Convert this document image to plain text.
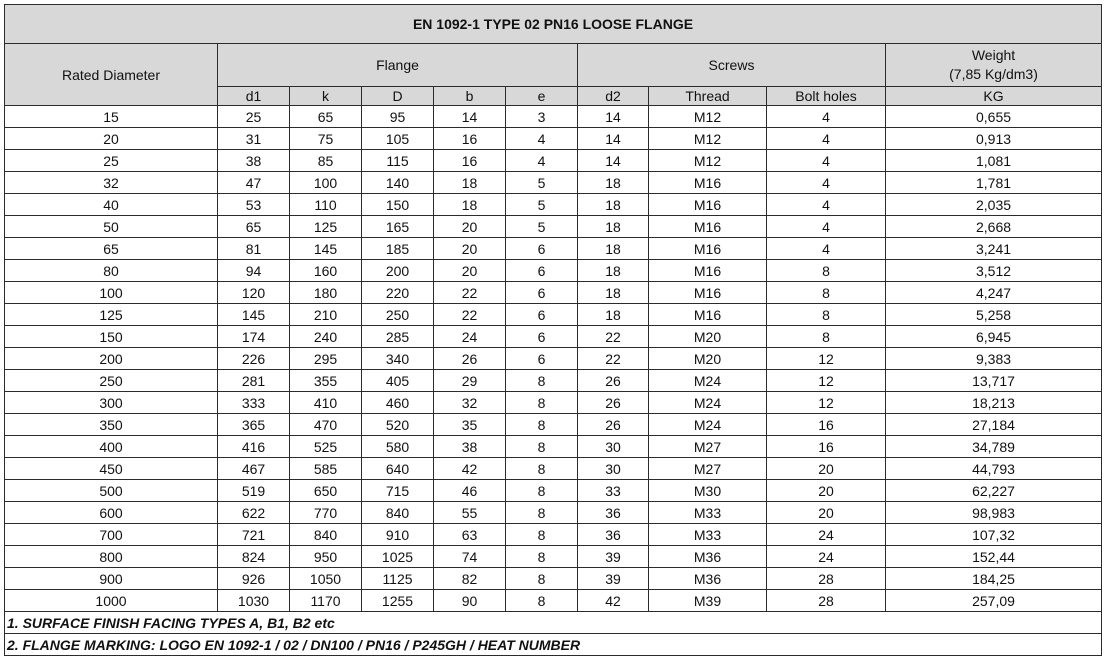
EN 1092-1 TYPE 02 PN16 LOOSE FLANGE									
Rated Diameter	Flange					Screws			Weight
(7,85 Kg/dm3)

	d1	k	D	b	e	d2	Thread	Bolt holes	KG
15	25	65	95	14	3	14	M12	4	0,655
20	31	75	105	16	4	14	M12	4	0,913
25	38	85	115	16	4	14	M12	4	1,081
32	47	100	140	18	5	18	M16	4	1,781
40	53	110	150	18	5	18	M16	4	2,035
50	65	125	165	20	5	18	M16	4	2,668
65	81	145	185	20	6	18	M16	4	3,241
80	94	160	200	20	6	18	M16	8	3,512
100	120	180	220	22	6	18	M16	8	4,247
125	145	210	250	22	6	18	M16	8	5,258
150	174	240	285	24	6	22	M20	8	6,945
200	226	295	340	26	6	22	M20	12	9,383
250	281	355	405	29	8	26	M24	12	13,717
300	333	410	460	32	8	26	M24	12	18,213
350	365	470	520	35	8	26	M24	16	27,184
400	416	525	580	38	8	30	M27	16	34,789
450	467	585	640	42	8	30	M27	20	44,793
500	519	650	715	46	8	33	M30	20	62,227
600	622	770	840	55	8	36	M33	20	98,983
700	721	840	910	63	8	36	M33	24	107,32
800	824	950	1025	74	8	39	M36	24	152,44
900	926	1050	1125	82	8	39	M36	28	184,25
1000	1030	1170	1255	90	8	42	M39	28	257,09
1. SURFACE FINISH FACING TYPES A, B1, B2 etc									
2. FLANGE MARKING: LOGO EN 1092-1 / 02 / DN100 / PN16 / P245GH / HEAT NUMBER									
